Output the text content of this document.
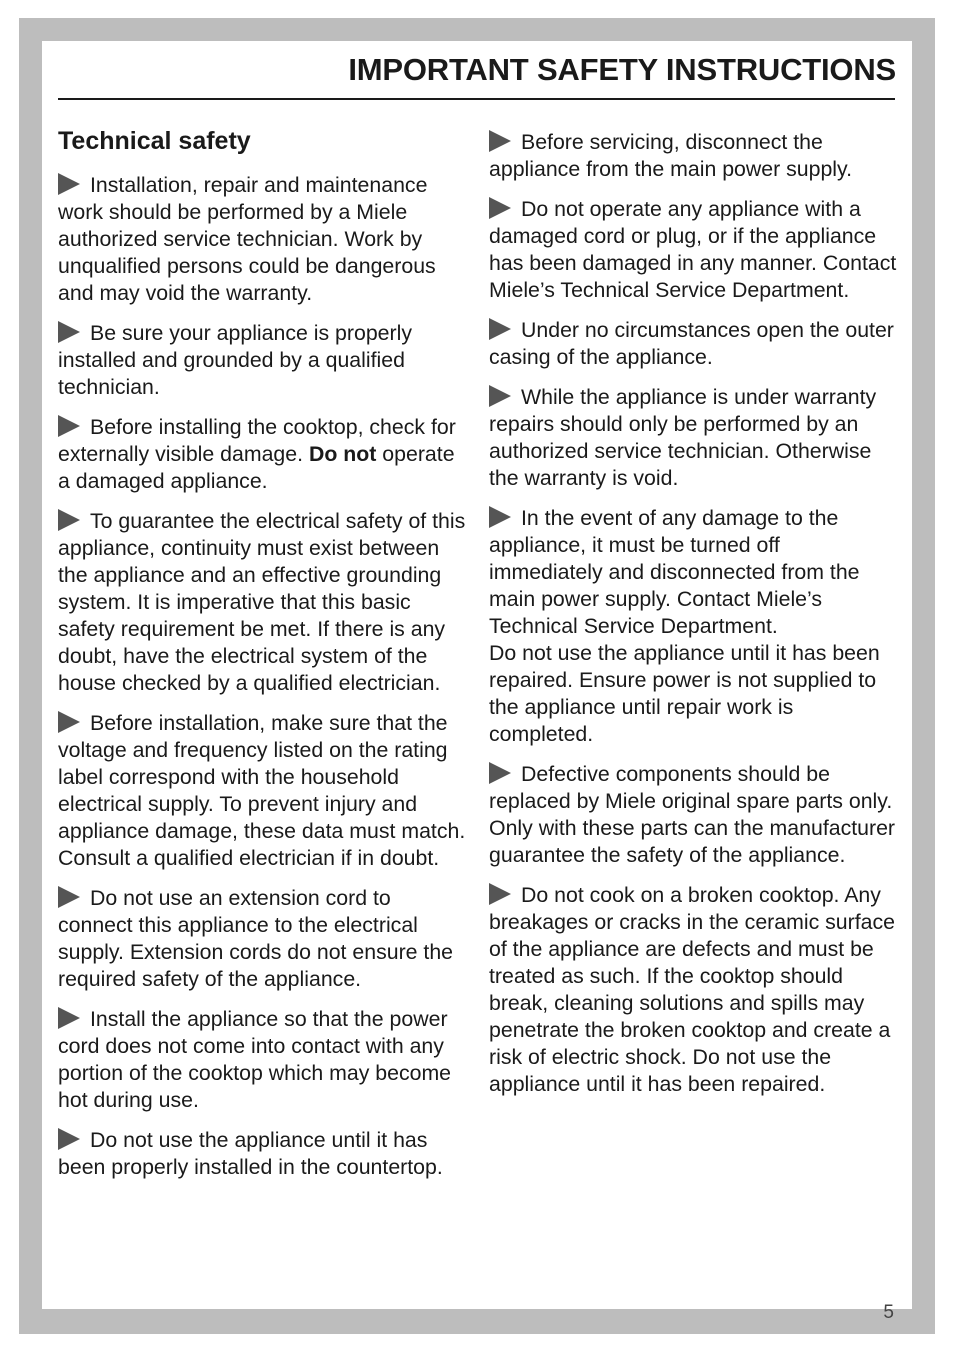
IMPORTANT SAFETY INSTRUCTIONS
Technical safety

Installation, repair and maintenance work should be performed by a Miele authorized service technician. Work by unqualified persons could be dangerous and may void the warranty.

Be sure your appliance is properly installed and grounded by a qualified technician.

Before installing the cooktop, check for externally visible damage. Do not operate a damaged appliance.

To guarantee the electrical safety of this appliance, continuity must exist between the appliance and an effective grounding system. It is imperative that this basic safety requirement be met. If there is any doubt, have the electrical system of the house checked by a qualified electrician.

Before installation, make sure that the voltage and frequency listed on the rating label correspond with the household electrical supply. To prevent injury and appliance damage, these data must match. Consult a qualified electrician if in doubt.

Do not use an extension cord to connect this appliance to the electrical supply. Extension cords do not ensure the required safety of the appliance.

Install the appliance so that the power cord does not come into contact with any portion of the cooktop which may become hot during use.

Do not use the appliance until it has been properly installed in the countertop.

Before servicing, disconnect the appliance from the main power supply.

Do not operate any appliance with a damaged cord or plug, or if the appliance has been damaged in any manner. Contact Miele’s Technical Service Department.

Under no circumstances open the outer casing of the appliance.

While the appliance is under warranty repairs should only be performed by an authorized service technician. Otherwise the warranty is void.

In the event of any damage to the appliance, it must be turned off immediately and disconnected from the main power supply. Contact Miele’s Technical Service Department.
Do not use the appliance until it has been repaired. Ensure power is not supplied to the appliance until repair work is completed.

Defective components should be replaced by Miele original spare parts only. Only with these parts can the manufacturer guarantee the safety of the appliance.

Do not cook on a broken cooktop. Any breakages or cracks in the ceramic surface of the appliance are defects and must be treated as such. If the cooktop should break, cleaning solutions and spills may penetrate the broken cooktop and create a risk of electric shock. Do not use the appliance until it has been repaired.

5
